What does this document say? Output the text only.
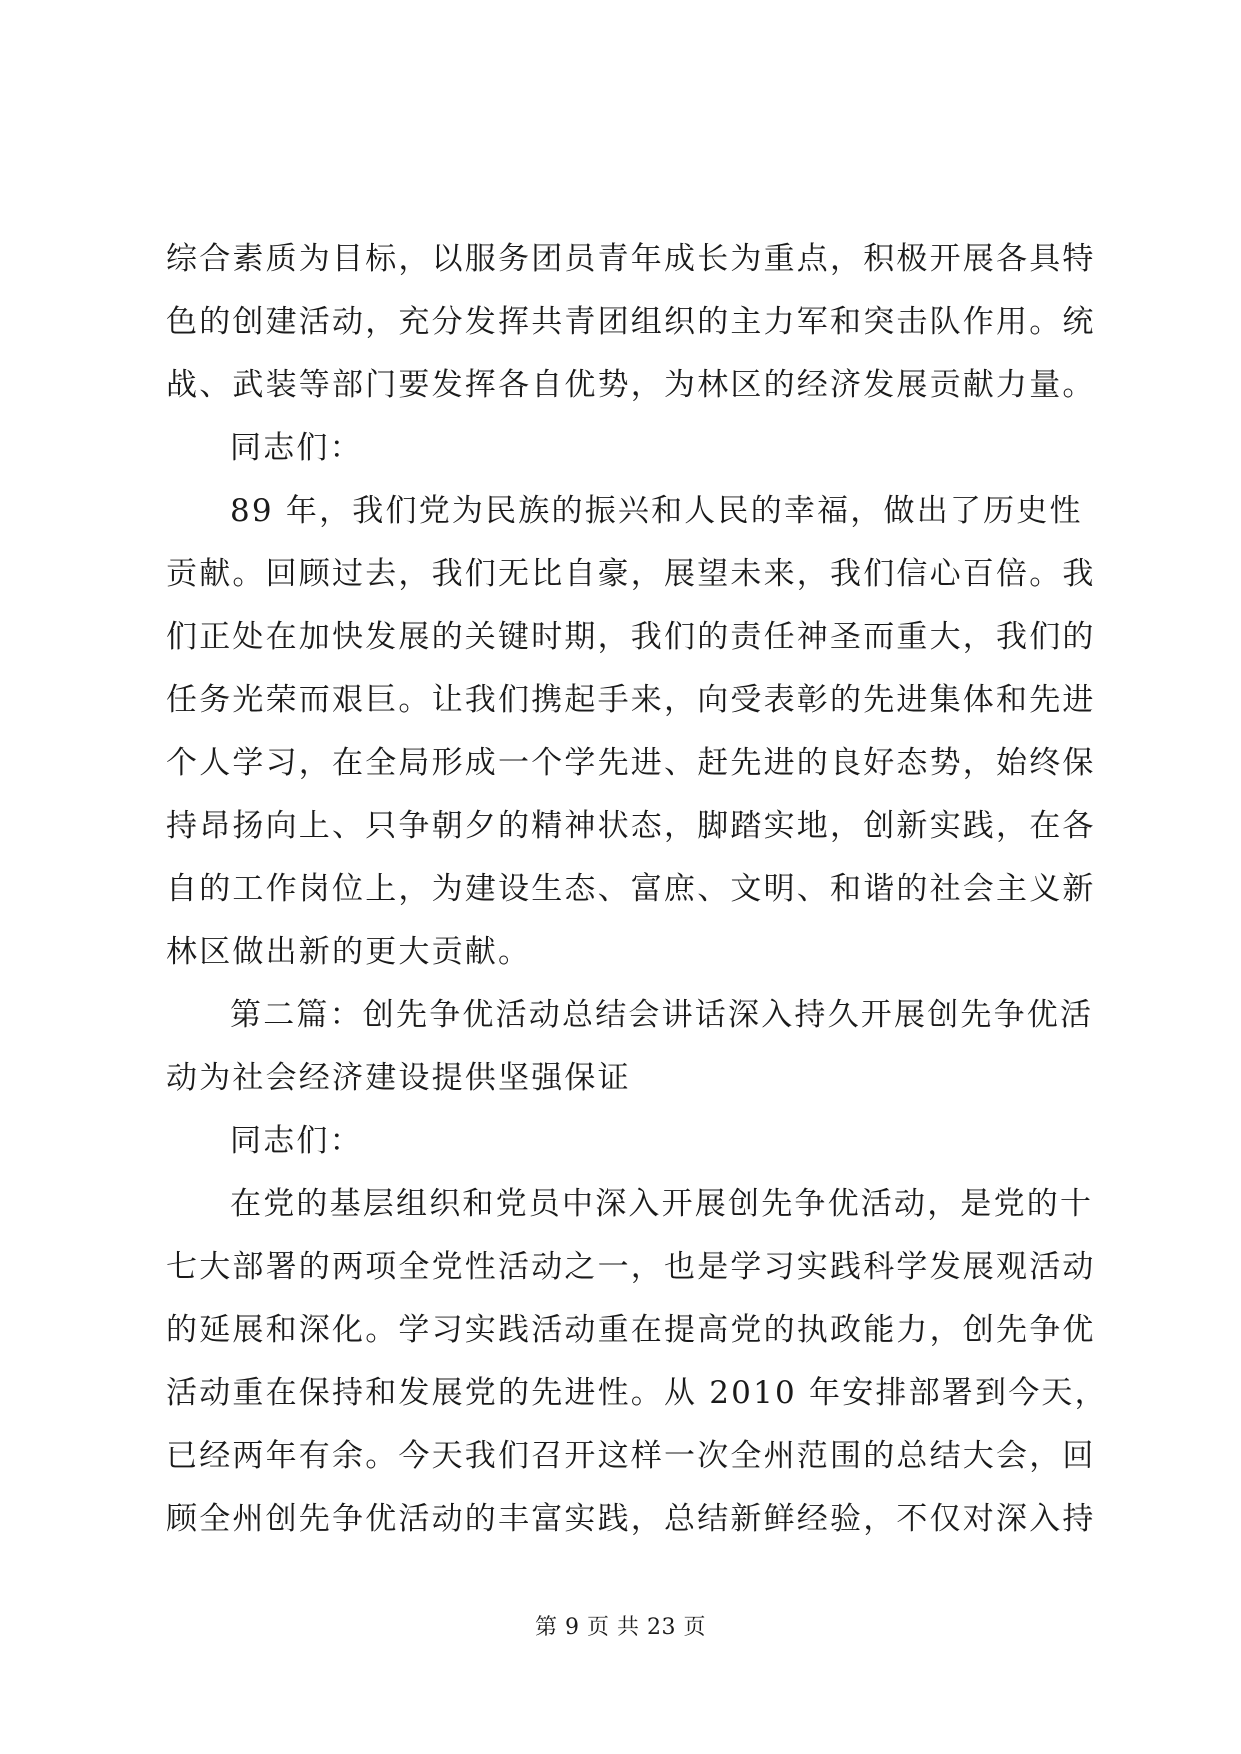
综合素质为目标，以服务团员青年成长为重点，积极开展各具特
色的创建活动，充分发挥共青团组织的主力军和突击队作用。统
战、武装等部门要发挥各自优势，为林区的经济发展贡献力量。
同志们：
89 年，我们党为民族的振兴和人民的幸福，做出了历史性
贡献。回顾过去，我们无比自豪，展望未来，我们信心百倍。我
们正处在加快发展的关键时期，我们的责任神圣而重大，我们的
任务光荣而艰巨。让我们携起手来，向受表彰的先进集体和先进
个人学习，在全局形成一个学先进、赶先进的良好态势，始终保
持昂扬向上、只争朝夕的精神状态，脚踏实地，创新实践，在各
自的工作岗位上，为建设生态、富庶、文明、和谐的社会主义新
林区做出新的更大贡献。
第二篇：创先争优活动总结会讲话深入持久开展创先争优活
动为社会经济建设提供坚强保证
同志们：
在党的基层组织和党员中深入开展创先争优活动，是党的十
七大部署的两项全党性活动之一，也是学习实践科学发展观活动
的延展和深化。学习实践活动重在提高党的执政能力，创先争优
活动重在保持和发展党的先进性。从 2010 年安排部署到今天，
已经两年有余。今天我们召开这样一次全州范围的总结大会，回
顾全州创先争优活动的丰富实践，总结新鲜经验，不仅对深入持
第 9 页 共 23 页
